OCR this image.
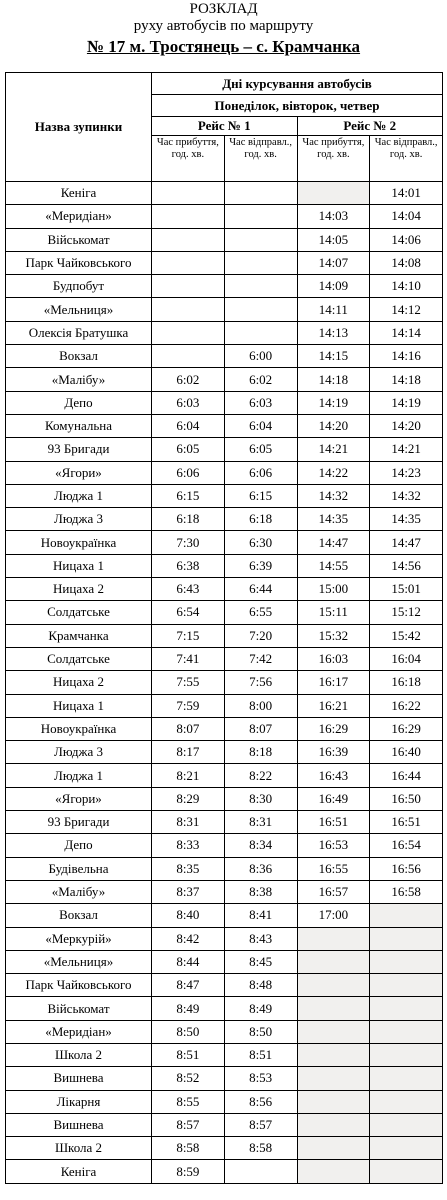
РОЗКЛАД
руху автобусів по маршруту
№ 17 м. Тростянець – с. Крамчанка
Назва зупинки	Дні курсування автобусів			
	Понеділок, вівторок, четвер			
	Рейс № 1		Рейс № 2	
	Час прибуття, год. хв.	Час відправл., год. хв.	Час прибуття, год. хв.	Час відправл., год. хв.
Кеніга				14:01
«Меридіан»			14:03	14:04
Військомат			14:05	14:06
Парк Чайковського			14:07	14:08
Будпобут			14:09	14:10
«Мельниця»			14:11	14:12
Олексія Братушка			14:13	14:14
Вокзал		6:00	14:15	14:16
«Малібу»	6:02	6:02	14:18	14:18
Депо	6:03	6:03	14:19	14:19
Комунальна	6:04	6:04	14:20	14:20
93 Бригади	6:05	6:05	14:21	14:21
«Ягори»	6:06	6:06	14:22	14:23
Люджа 1	6:15	6:15	14:32	14:32
Люджа 3	6:18	6:18	14:35	14:35
Новоукраїнка	7:30	6:30	14:47	14:47
Ницаха 1	6:38	6:39	14:55	14:56
Ницаха 2	6:43	6:44	15:00	15:01
Солдатське	6:54	6:55	15:11	15:12
Крамчанка	7:15	7:20	15:32	15:42
Солдатське	7:41	7:42	16:03	16:04
Ницаха 2	7:55	7:56	16:17	16:18
Ницаха 1	7:59	8:00	16:21	16:22
Новоукраїнка	8:07	8:07	16:29	16:29
Люджа 3	8:17	8:18	16:39	16:40
Люджа 1	8:21	8:22	16:43	16:44
«Ягори»	8:29	8:30	16:49	16:50
93 Бригади	8:31	8:31	16:51	16:51
Депо	8:33	8:34	16:53	16:54
Будівельна	8:35	8:36	16:55	16:56
«Малібу»	8:37	8:38	16:57	16:58
Вокзал	8:40	8:41	17:00	
«Меркурій»	8:42	8:43		
«Мельниця»	8:44	8:45		
Парк Чайковського	8:47	8:48		
Військомат	8:49	8:49		
«Меридіан»	8:50	8:50		
Школа 2	8:51	8:51		
Вишнева	8:52	8:53		
Лікарня	8:55	8:56		
Вишнева	8:57	8:57		
Школа 2	8:58	8:58		
Кеніга	8:59			
